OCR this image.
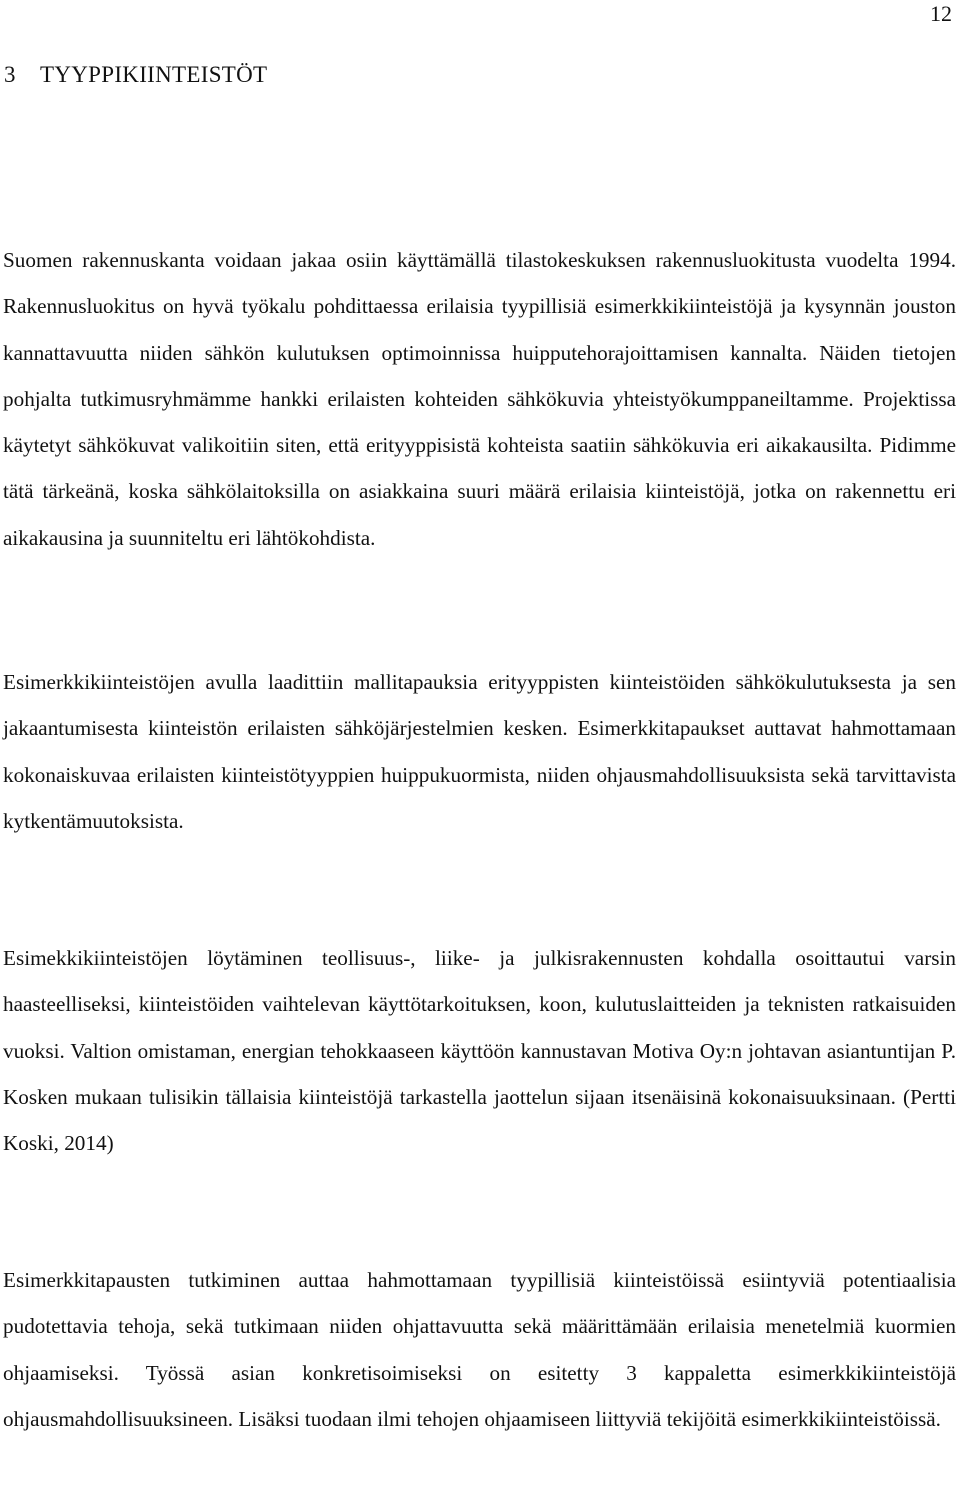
12
3 TYYPPIKIINTEISTÖT

Suomen rakennuskanta voidaan jakaa osiin käyttämällä tilastokeskuksen rakennusluokitusta vuodelta 1994. Rakennusluokitus on hyvä työkalu pohdittaessa erilaisia tyypillisiä esimerkkikiinteistöjä ja kysynnän jouston kannattavuutta niiden sähkön kulutuksen optimoinnissa huipputehorajoittamisen kannalta. Näiden tietojen pohjalta tutkimusryhmämme hankki erilaisten kohteiden sähkökuvia yhteistyökumppaneiltamme. Projektissa käytetyt sähkökuvat valikoitiin siten, että erityyppisistä kohteista saatiin sähkökuvia eri aikakausilta. Pidimme tätä tärkeänä, koska sähkölaitoksilla on asiakkaina suuri määrä erilaisia kiinteistöjä, jotka on rakennettu eri aikakausina ja suunniteltu eri lähtökohdista.

Esimerkkikiinteistöjen avulla laadittiin mallitapauksia erityyppisten kiinteistöiden sähkökulutuksesta ja sen jakaantumisesta kiinteistön erilaisten sähköjärjestelmien kesken. Esimerkkitapaukset auttavat hahmottamaan kokonaiskuvaa erilaisten kiinteistötyyppien huippukuormista, niiden ohjausmahdollisuuksista sekä tarvittavista kytkentämuutoksista.

Esimekkikiinteistöjen löytäminen teollisuus-, liike- ja julkisrakennusten kohdalla osoittautui varsin haasteelliseksi, kiinteistöiden vaihtelevan käyttötarkoituksen, koon, kulutuslaitteiden ja teknisten ratkaisuiden vuoksi. Valtion omistaman, energian tehokkaaseen käyttöön kannustavan Motiva Oy:n johtavan asiantuntijan P. Kosken mukaan tulisikin tällaisia kiinteistöjä tarkastella jaottelun sijaan itsenäisinä kokonaisuuksinaan. (Pertti Koski, 2014)

Esimerkkitapausten tutkiminen auttaa hahmottamaan tyypillisiä kiinteistöissä esiintyviä potentiaalisia pudotettavia tehoja, sekä tutkimaan niiden ohjattavuutta sekä määrittämään erilaisia menetelmiä kuormien ohjaamiseksi. Työssä asian konkretisoimiseksi on esitetty 3 kappaletta esimerkkikiinteistöjä ohjausmahdollisuuksineen. Lisäksi tuodaan ilmi tehojen ohjaamiseen liittyviä tekijöitä esimerkkikiinteistöissä.
